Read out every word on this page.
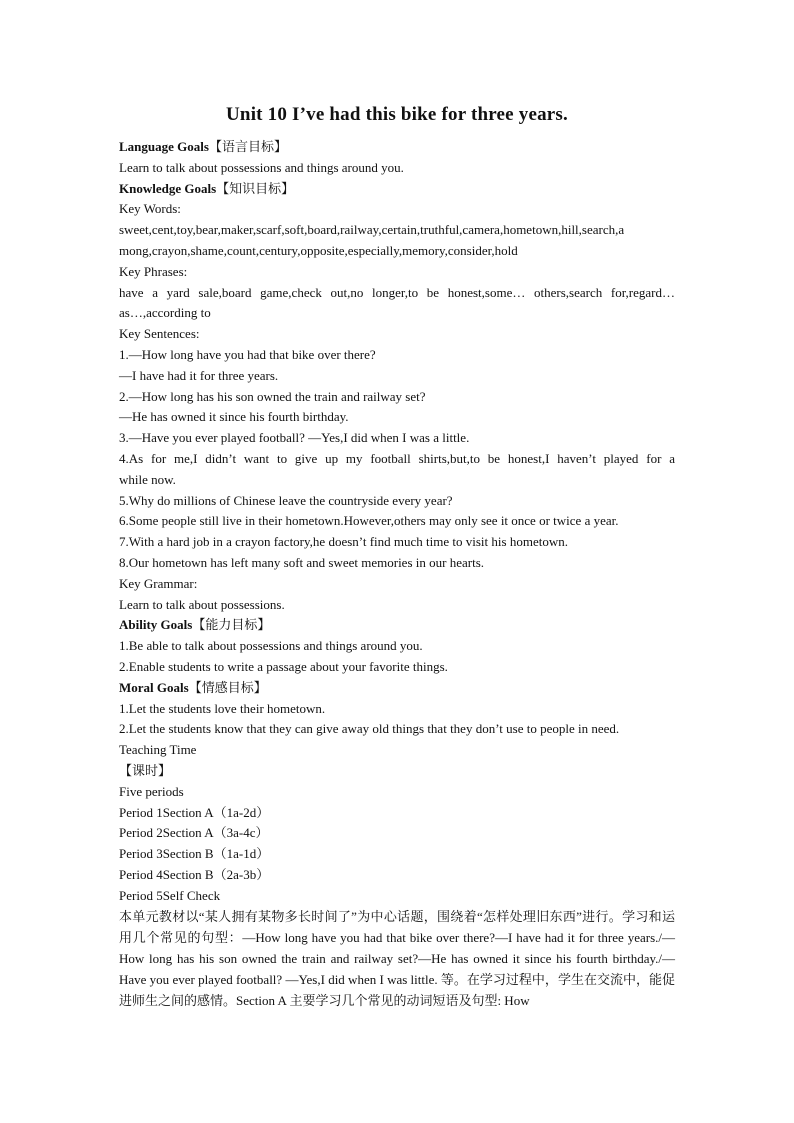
Unit 10 I’ve had this bike for three years.
Language Goals【语言目标】
Learn to talk about possessions and things around you.
Knowledge Goals【知识目标】
Key Words:
sweet,cent,toy,bear,maker,scarf,soft,board,railway,certain,truthful,camera,hometown,hill,search,a
mong,crayon,shame,count,century,opposite,especially,memory,consider,hold
Key Phrases:
have a yard sale,board game,check out,no longer,to be honest,some… others,search for,regard…
as…,according to
Key Sentences:
1.—How long have you had that bike over there?
—I have had it for three years.
2.—How long has his son owned the train and railway set?
—He has owned it since his fourth birthday.
3.—Have you ever played football? —Yes,I did when I was a little.
4.As for me,I didn’t want to give up my football shirts,but,to be honest,I haven’t played for a
while now.
5.Why do millions of Chinese leave the countryside every year?
6.Some people still live in their hometown.However,others may only see it once or twice a year.
7.With a hard job in a crayon factory,he doesn’t find much time to visit his hometown.
8.Our hometown has left many soft and sweet memories in our hearts.
Key Grammar:
Learn to talk about possessions.
Ability Goals【能力目标】
1.Be able to talk about possessions and things around you.
2.Enable students to write a passage about your favorite things.
Moral Goals【情感目标】
1.Let the students love their hometown.
2.Let the students know that they can give away old things that they don’t use to people in need.
Teaching Time
【课时】
Five periods
Period 1Section A（1a-2d）
Period 2Section A（3a-4c）
Period 3Section B（1a-1d）
Period 4Section B（2a-3b）
Period 5Self Check
本单元教材以“某人拥有某物多长时间了”为中心话题，围绕着“怎样处理旧东西”进行。学习和运用几个常见的句型：—How long have you had that bike over there?—I have had it for three years./—How long has his son owned the train and railway set?—He has owned it since his fourth birthday./—Have you ever played football? —Yes,I did when I was little. 等。在学习过程中，学生在交流中，能促进师生之间的感情。Section A 主要学习几个常见的动词短语及句型: How
